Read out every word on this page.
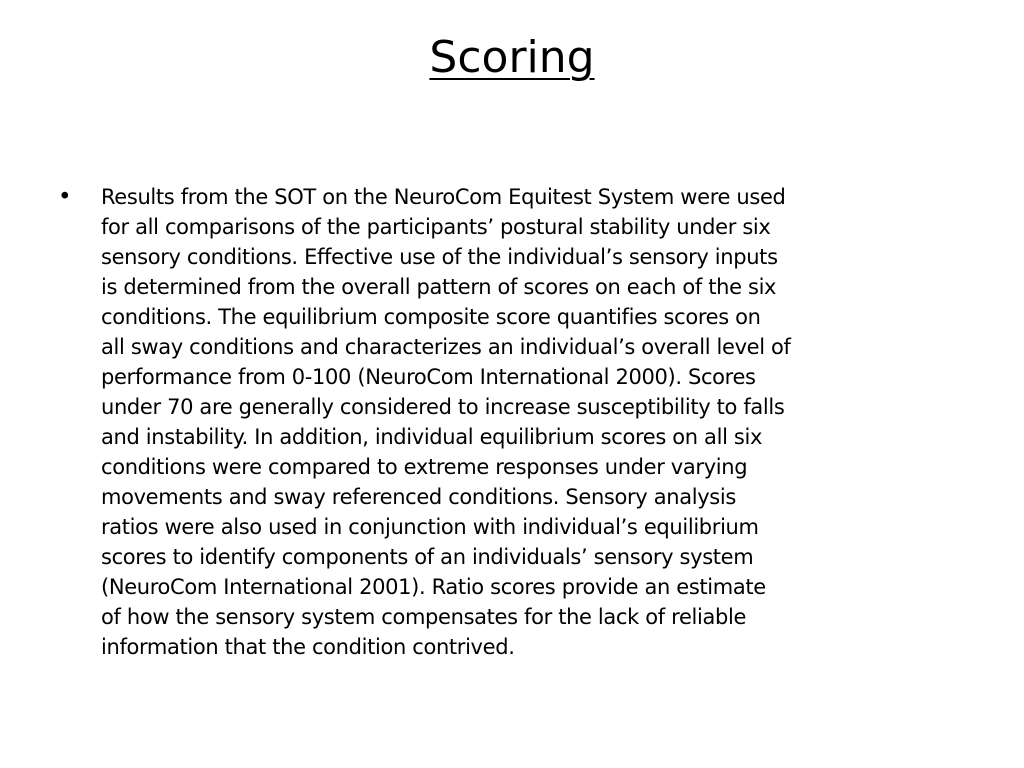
Scoring
• Results from the SOT on the NeuroCom Equitest System were used
for all comparisons of the participants’ postural stability under six
sensory conditions. Effective use of the individual’s sensory inputs
is determined from the overall pattern of scores on each of the six
conditions. The equilibrium composite score quantifies scores on
all sway conditions and characterizes an individual’s overall level of
performance from 0-100 (NeuroCom International 2000). Scores
under 70 are generally considered to increase susceptibility to falls
and instability. In addition, individual equilibrium scores on all six
conditions were compared to extreme responses under varying
movements and sway referenced conditions. Sensory analysis
ratios were also used in conjunction with individual’s equilibrium
scores to identify components of an individuals’ sensory system
(NeuroCom International 2001). Ratio scores provide an estimate
of how the sensory system compensates for the lack of reliable
information that the condition contrived.
